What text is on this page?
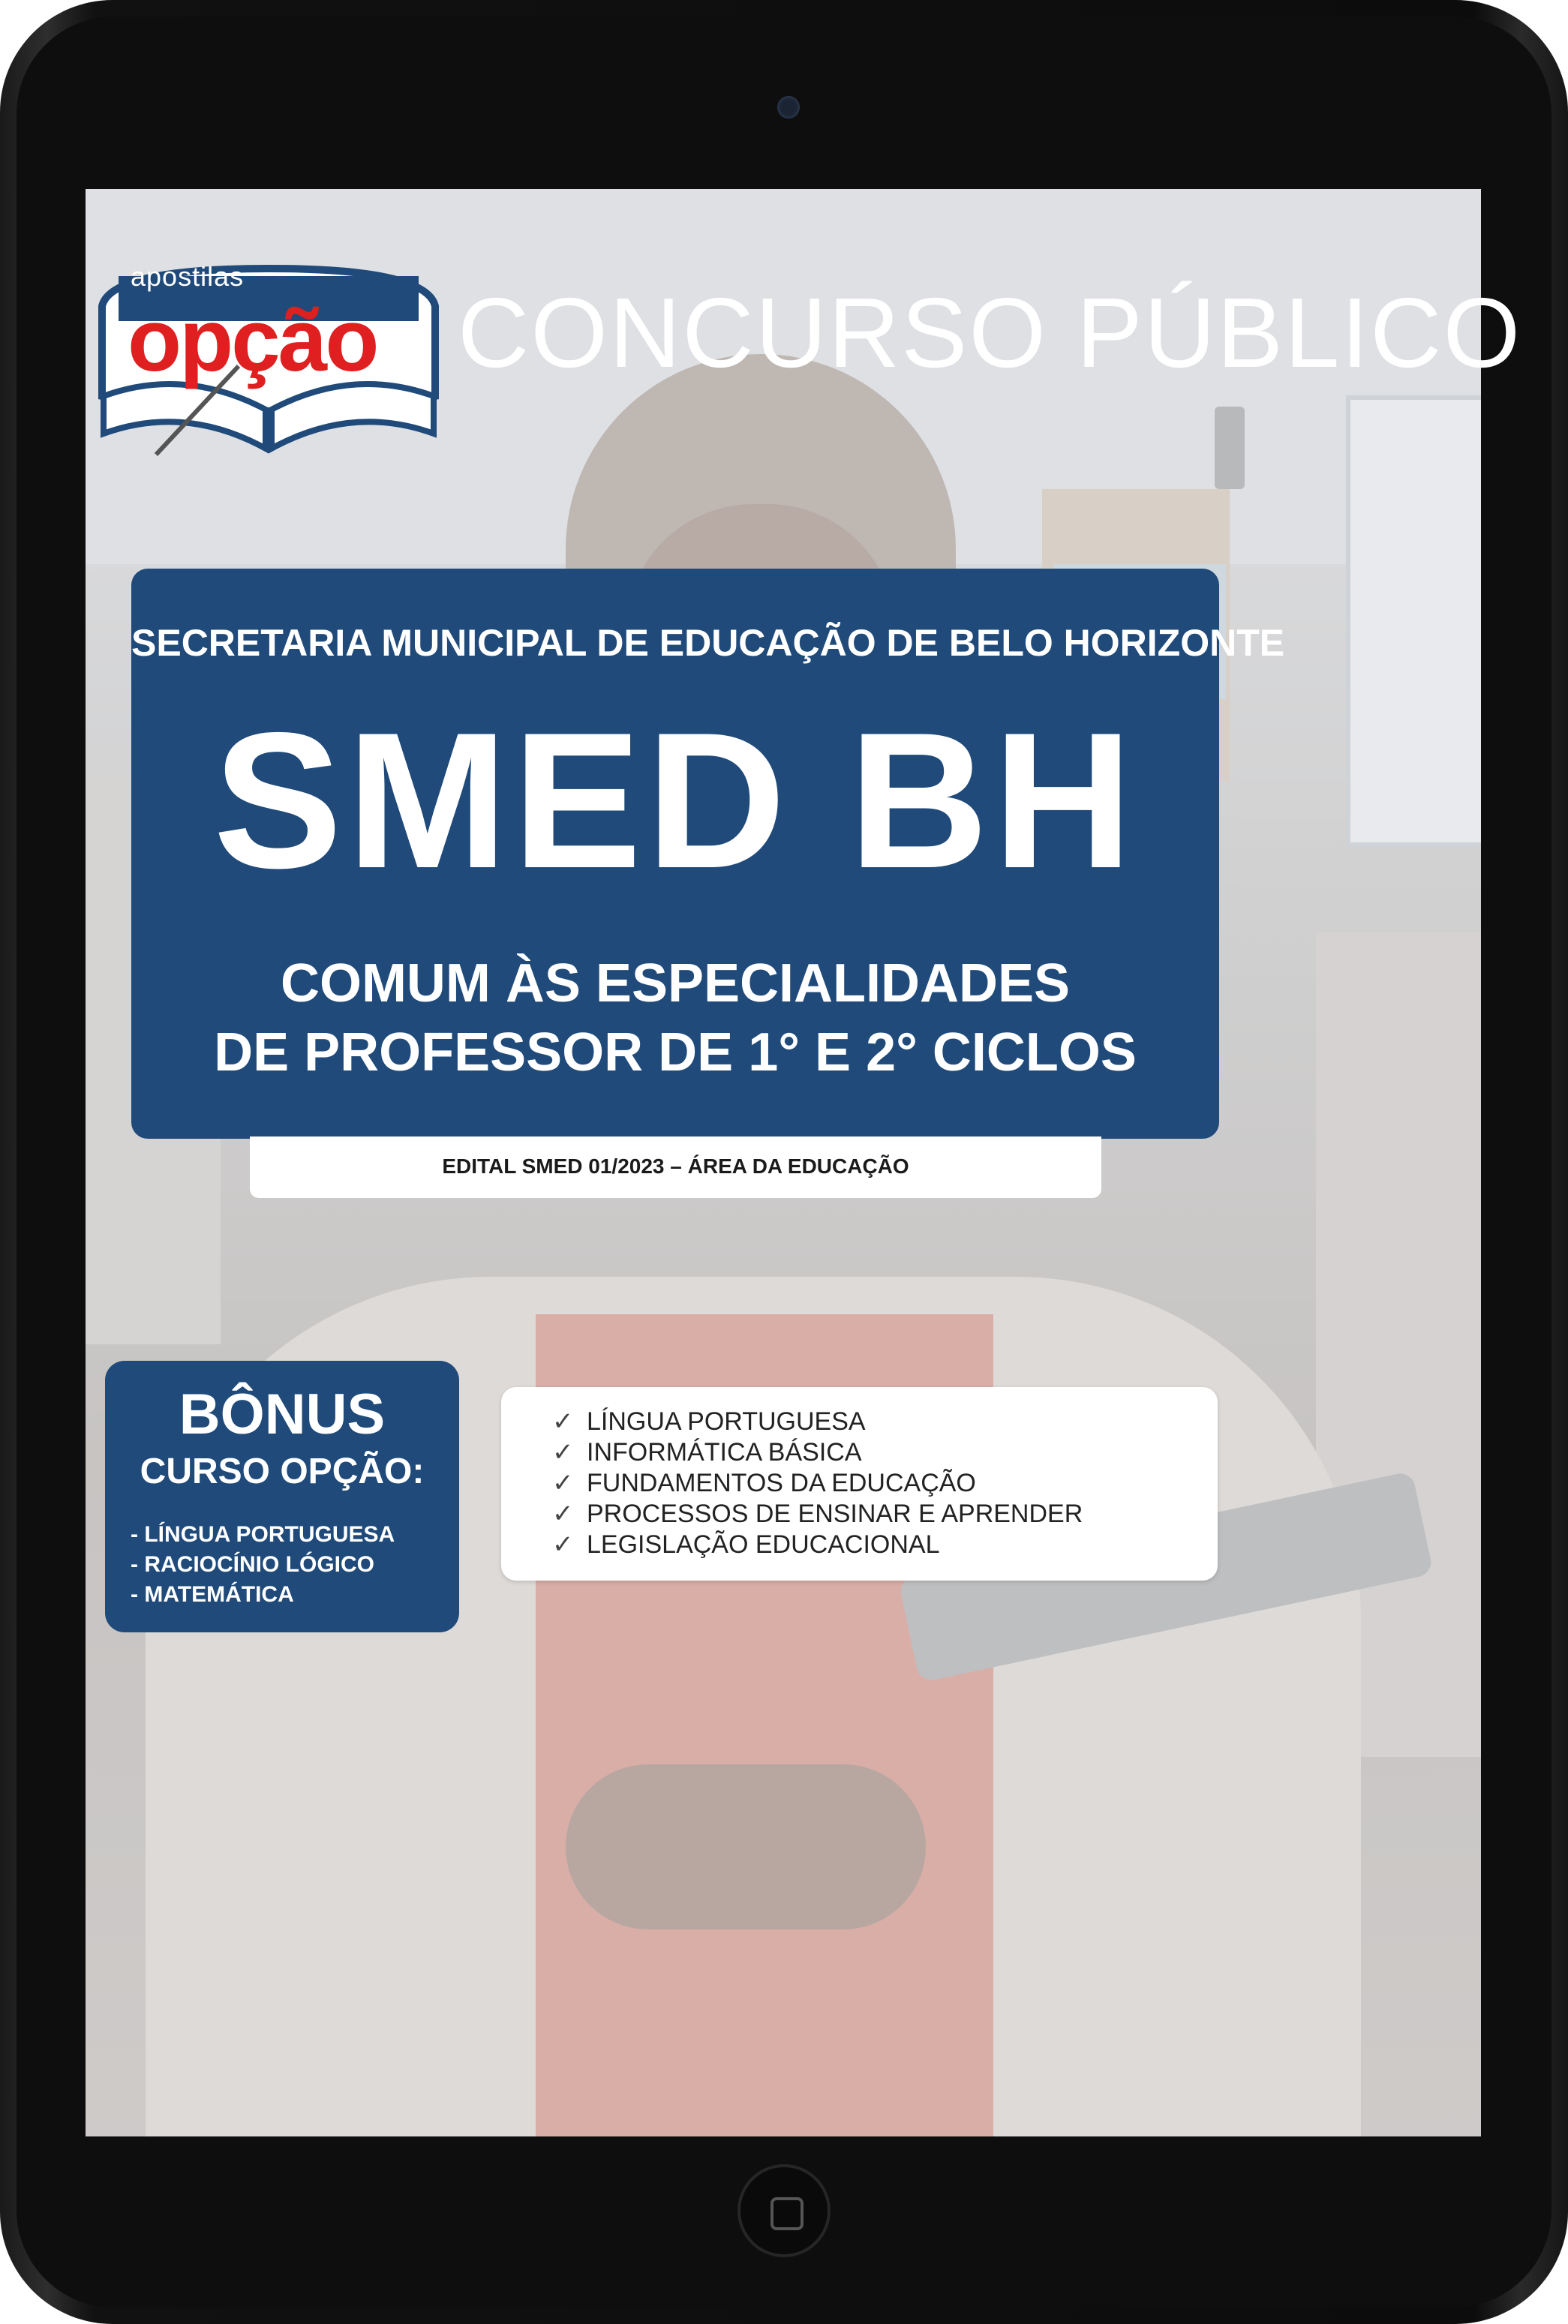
apostilas
opção CONCURSO PÚBLICO
SECRETARIA MUNICIPAL DE EDUCAÇÃO DE BELO HORIZONTE
SMED BH
COMUM ÀS ESPECIALIDADES
DE PROFESSOR DE 1° E 2° CICLOS
EDITAL SMED 01/2023 – ÁREA DA EDUCAÇÃO
BÔNUS
CURSO OPÇÃO:
- LÍNGUA PORTUGUESA
- RACIOCÍNIO LÓGICO
- MATEMÁTICA
✓ LÍNGUA PORTUGUESA
✓ INFORMÁTICA BÁSICA
✓ FUNDAMENTOS DA EDUCAÇÃO
✓ PROCESSOS DE ENSINAR E APRENDER
✓ LEGISLAÇÃO EDUCACIONAL
